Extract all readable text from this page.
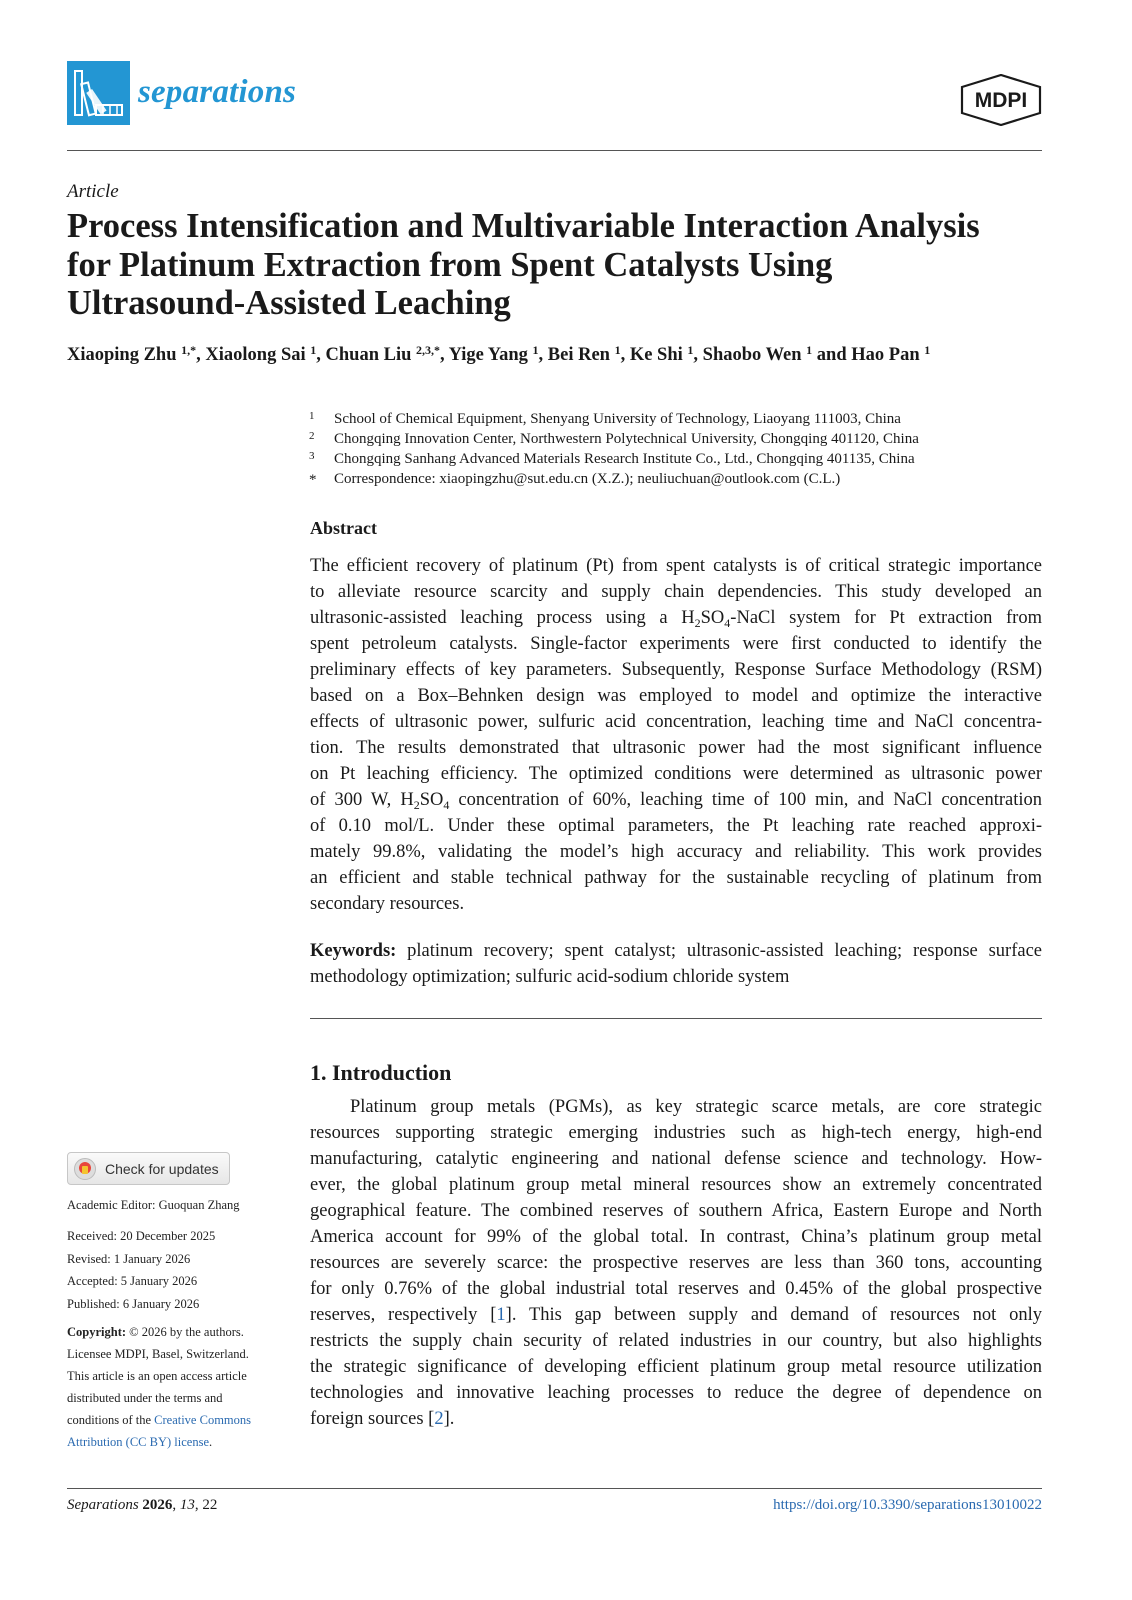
separations	MDPI
Article
Process Intensification and Multivariable Interaction Analysis
for Platinum Extraction from Spent Catalysts Using
Ultrasound-Assisted Leaching
Xiaoping Zhu $^{1,*}$, Xiaolong Sai $^1$, Chuan Liu $^{2,3,*}$, Yige Yang $^1$, Bei Ren $^1$, Ke Shi $^1$, Shaobo Wen $^1$ and Hao Pan $^1$
1	School of Chemical Equipment, Shenyang University of Technology, Liaoyang 111003, China
2	Chongqing Innovation Center, Northwestern Polytechnical University, Chongqing 401120, China
3	Chongqing Sanhang Advanced Materials Research Institute Co., Ltd., Chongqing 401135, China
*	Correspondence: xiaopingzhu@sut.edu.cn (X.Z.); neuliuchuan@outlook.com (C.L.)
Abstract
The efficient recovery of platinum (Pt) from spent catalysts is of critical strategic importance
to alleviate resource scarcity and supply chain dependencies. This study developed an
ultrasonic-assisted leaching process using a $H_2SO_4$-NaCl system for Pt extraction from
spent petroleum catalysts. Single-factor experiments were first conducted to identify the
preliminary effects of key parameters. Subsequently, Response Surface Methodology (RSM)
based on a Box–Behnken design was employed to model and optimize the interactive
effects of ultrasonic power, sulfuric acid concentration, leaching time and NaCl concentra-
tion. The results demonstrated that ultrasonic power had the most significant influence
on Pt leaching efficiency. The optimized conditions were determined as ultrasonic power
of 300 W, $H_2SO_4$ concentration of 60%, leaching time of 100 min, and NaCl concentration
of 0.10 mol/L. Under these optimal parameters, the Pt leaching rate reached approxi-
mately 99.8%, validating the model’s high accuracy and reliability. This work provides
an efficient and stable technical pathway for the sustainable recycling of platinum from
secondary resources.
Keywords: platinum recovery; spent catalyst; ultrasonic-assisted leaching; response surface
methodology optimization; sulfuric acid-sodium chloride system
1. Introduction
Platinum group metals (PGMs), as key strategic scarce metals, are core strategic
resources supporting strategic emerging industries such as high-tech energy, high-end
manufacturing, catalytic engineering and national defense science and technology. How-
ever, the global platinum group metal mineral resources show an extremely concentrated
geographical feature. The combined reserves of southern Africa, Eastern Europe and North
America account for 99% of the global total. In contrast, China’s platinum group metal
resources are severely scarce: the prospective reserves are less than 360 tons, accounting
for only 0.76% of the global industrial total reserves and 0.45% of the global prospective
reserves, respectively [1]. This gap between supply and demand of resources not only
restricts the supply chain security of related industries in our country, but also highlights
the strategic significance of developing efficient platinum group metal resource utilization
technologies and innovative leaching processes to reduce the degree of dependence on
foreign sources [2].
Check for updates
Academic Editor: Guoquan Zhang
Received: 20 December 2025
Revised: 1 January 2026
Accepted: 5 January 2026
Published: 6 January 2026
Copyright: © 2026 by the authors.
Licensee MDPI, Basel, Switzerland.
This article is an open access article
distributed under the terms and
conditions of the Creative Commons
Attribution (CC BY) license.
Separations 2026, 13, 22	https://doi.org/10.3390/separations13010022
